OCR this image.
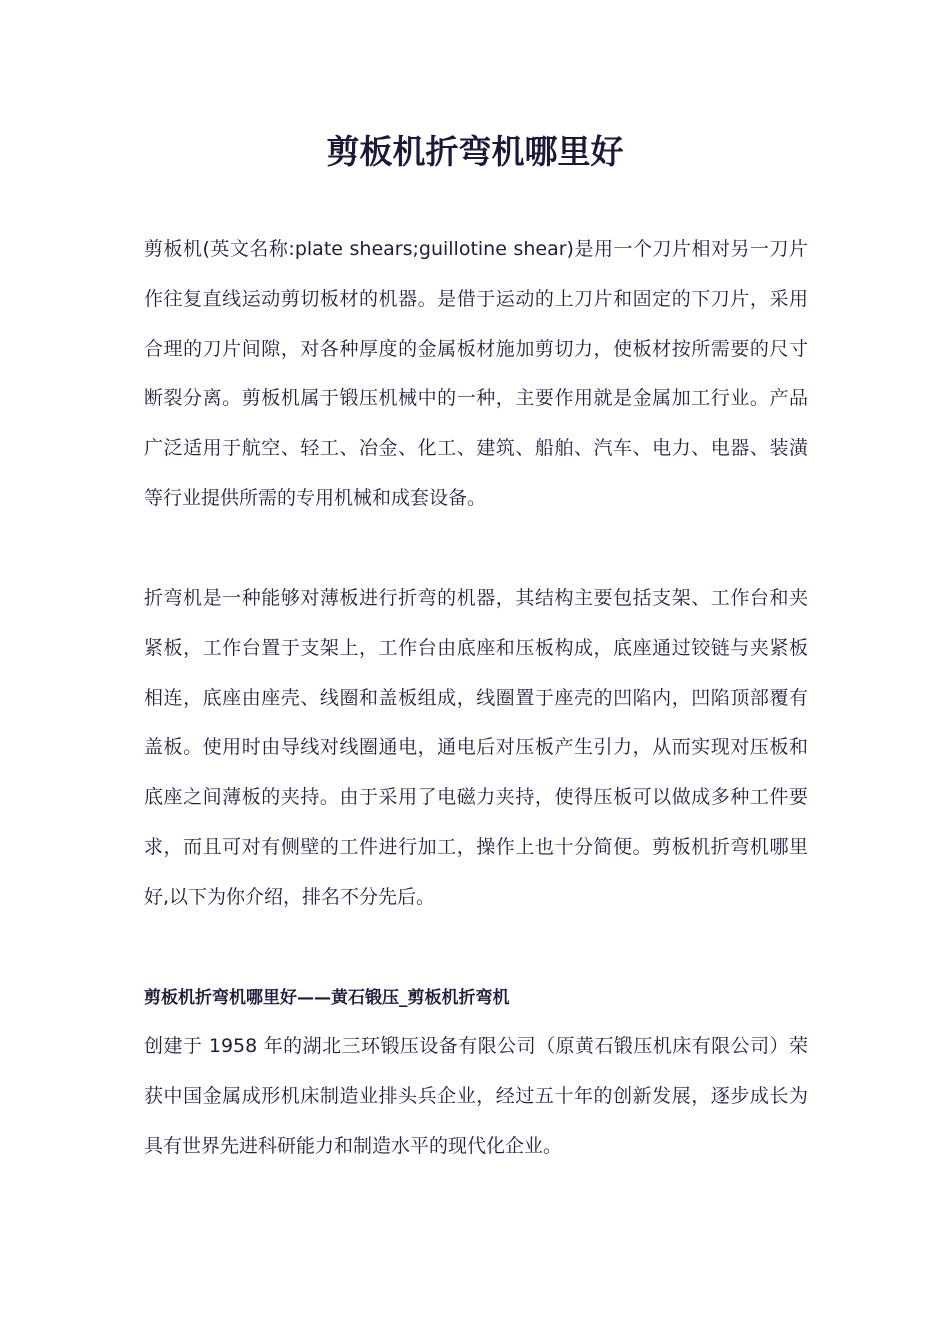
剪板机折弯机哪里好

剪板机(英文名称:plate shears;guillotine shear)是用一个刀片相对另一刀片作往复直线运动剪切板材的机器。是借于运动的上刀片和固定的下刀片，采用合理的刀片间隙，对各种厚度的金属板材施加剪切力，使板材按所需要的尺寸断裂分离。剪板机属于锻压机械中的一种，主要作用就是金属加工行业。产品广泛适用于航空、轻工、冶金、化工、建筑、船舶、汽车、电力、电器、装潢等行业提供所需的专用机械和成套设备。

折弯机是一种能够对薄板进行折弯的机器，其结构主要包括支架、工作台和夹紧板，工作台置于支架上，工作台由底座和压板构成，底座通过铰链与夹紧板相连，底座由座壳、线圈和盖板组成，线圈置于座壳的凹陷内，凹陷顶部覆有盖板。使用时由导线对线圈通电，通电后对压板产生引力，从而实现对压板和底座之间薄板的夹持。由于采用了电磁力夹持，使得压板可以做成多种工件要求，而且可对有侧壁的工件进行加工，操作上也十分简便。剪板机折弯机哪里好,以下为你介绍，排名不分先后。

剪板机折弯机哪里好——黄石锻压_剪板机折弯机

创建于 1958 年的湖北三环锻压设备有限公司（原黄石锻压机床有限公司）荣获中国金属成形机床制造业排头兵企业，经过五十年的创新发展，逐步成长为具有世界先进科研能力和制造水平的现代化企业。
